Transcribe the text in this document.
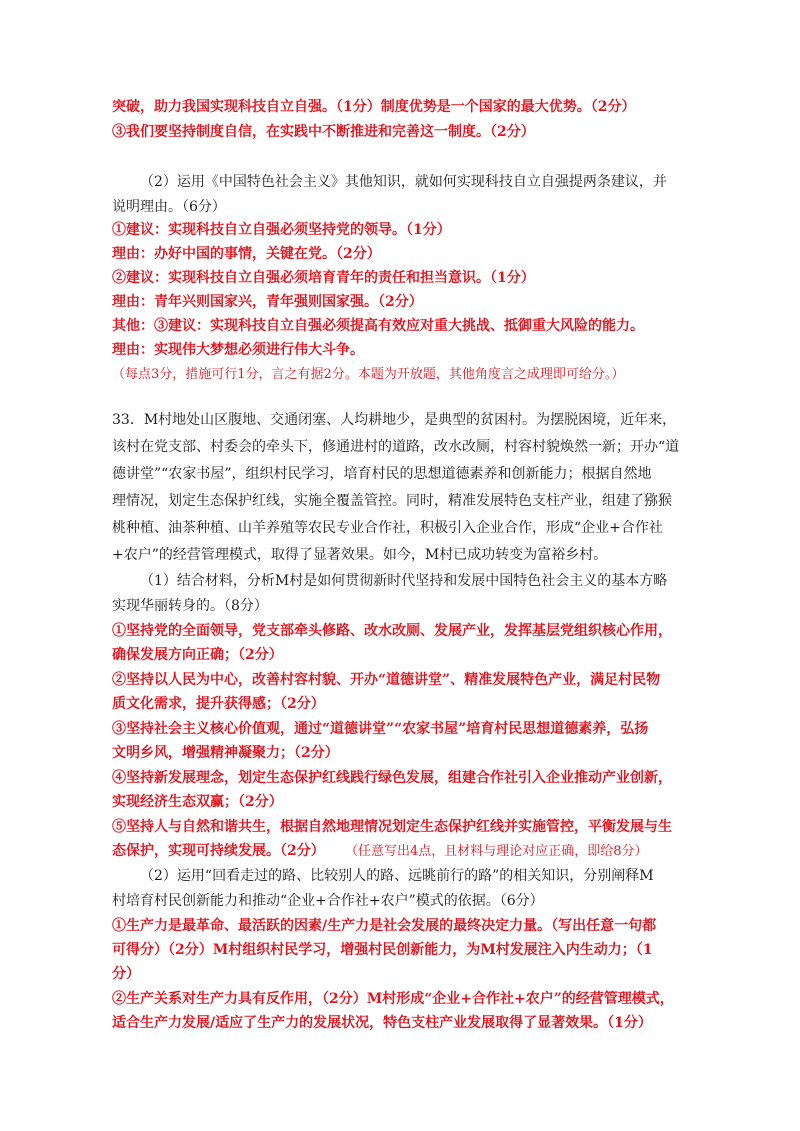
突破，助力我国实现科技自立自强。（1分）制度优势是一个国家的最大优势。（2分）
③我们要坚持制度自信，在实践中不断推进和完善这一制度。（2分）
（2）运用《中国特色社会主义》其他知识，就如何实现科技自立自强提两条建议，并
说明理由。（6分）
①建议：实现科技自立自强必须坚持党的领导。（1分）
理由：办好中国的事情，关键在党。（2分）
②建议：实现科技自立自强必须培育青年的责任和担当意识。（1分）
理由：青年兴则国家兴，青年强则国家强。（2分）
其他：③建议：实现科技自立自强必须提高有效应对重大挑战、抵御重大风险的能力。
理由：实现伟大梦想必须进行伟大斗争。
（每点3分，措施可行1分，言之有据2分。本题为开放题，其他角度言之成理即可给分。）
33．M村地处山区腹地、交通闭塞、人均耕地少，是典型的贫困村。为摆脱困境，近年来，
该村在党支部、村委会的牵头下，修通进村的道路，改水改厕，村容村貌焕然一新；开办“道
德讲堂”“农家书屋”，组织村民学习，培育村民的思想道德素养和创新能力；根据自然地
理情况，划定生态保护红线，实施全覆盖管控。同时，精准发展特色支柱产业，组建了猕猴
桃种植、油茶种植、山羊养殖等农民专业合作社，积极引入企业合作，形成“企业+合作社
+农户”的经营管理模式，取得了显著效果。如今，M村已成功转变为富裕乡村。
（1）结合材料，分析M村是如何贯彻新时代坚持和发展中国特色社会主义的基本方略
实现华丽转身的。（8分）
①坚持党的全面领导，党支部牵头修路、改水改厕、发展产业，发挥基层党组织核心作用，
确保发展方向正确；（2分）
②坚持以人民为中心，改善村容村貌、开办“道德讲堂”、精准发展特色产业，满足村民物
质文化需求，提升获得感；（2分）
③坚持社会主义核心价值观，通过“道德讲堂”“农家书屋”培育村民思想道德素养，弘扬
文明乡风，增强精神凝聚力；（2分）
④坚持新发展理念，划定生态保护红线践行绿色发展，组建合作社引入企业推动产业创新，
实现经济生态双赢；（2分）
⑤坚持人与自然和谐共生，根据自然地理情况划定生态保护红线并实施管控，平衡发展与生
态保护，实现可持续发展。（2分） （任意写出4点，且材料与理论对应正确，即给8分）
（2）运用“回看走过的路、比较别人的路、远眺前行的路”的相关知识，分别阐释M
村培育村民创新能力和推动“企业+合作社+农户”模式的依据。（6分）
①生产力是最革命、最活跃的因素/生产力是社会发展的最终决定力量。（写出任意一句都
可得分）（2分）M村组织村民学习，增强村民创新能力，为M村发展注入内生动力；（1
分）
②生产关系对生产力具有反作用，（2分）M村形成“企业+合作社+农户”的经营管理模式，
适合生产力发展/适应了生产力的发展状况，特色支柱产业发展取得了显著效果。（1分）
